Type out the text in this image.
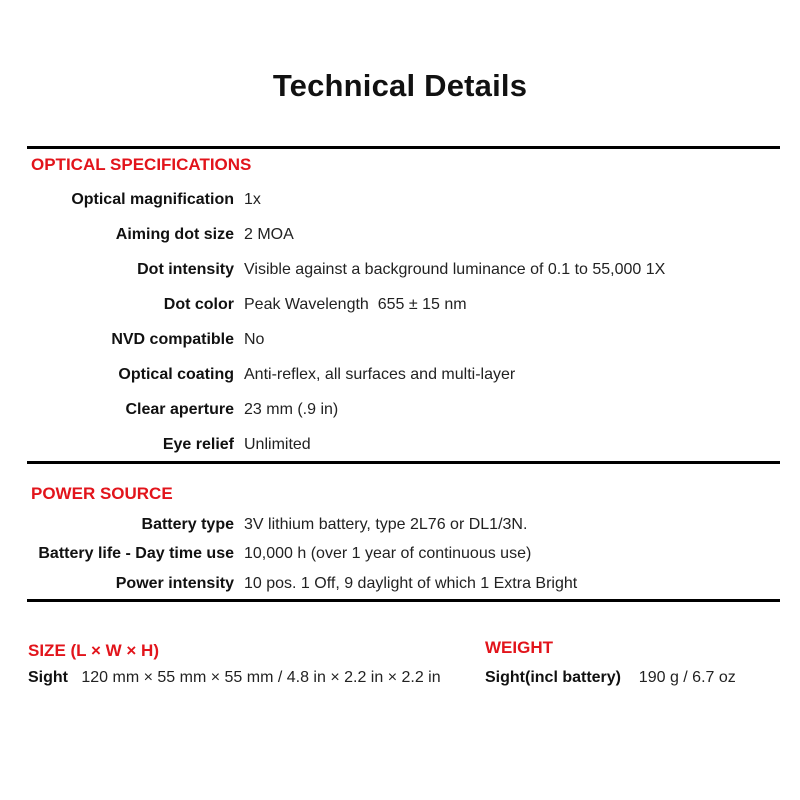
Technical Details
OPTICAL SPECIFICATIONS
Optical magnification 1x
Aiming dot size 2 MOA
Dot intensity Visible against a background luminance of 0.1 to 55,000 1X
Dot color Peak Wavelength  655 ± 15 nm
NVD compatible No
Optical coating Anti-reflex, all surfaces and multi-layer
Clear aperture 23 mm (.9 in)
Eye relief Unlimited
POWER SOURCE
Battery type 3V lithium battery, type 2L76 or DL1/3N.
Battery life - Day time use 10,000 h (over 1 year of continuous use)
Power intensity 10 pos. 1 Off, 9 daylight of which 1 Extra Bright
SIZE (L × W × H)
Sight 120 mm × 55 mm × 55 mm / 4.8 in × 2.2 in × 2.2 in
WEIGHT
Sight(incl battery) 190 g / 6.7 oz
